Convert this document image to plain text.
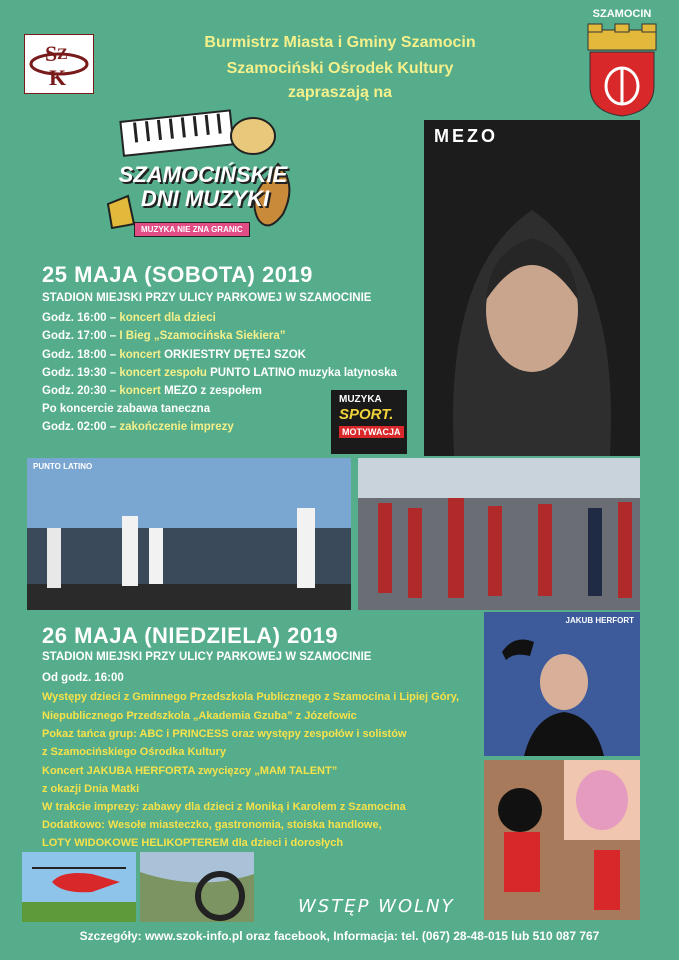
S Z
K
SZAMOCIN
Burmistrz Miasta i Gminy Szamocin
Szamociński Ośrodek Kultury
zapraszają na
SZAMOCIŃSKIE
DNI MUZYKI
MUZYKA NIE ZNA GRANIC
MEZO
MUZYKA
SPORT.
MOTYWACJA
25 MAJA (SOBOTA) 2019
STADION MIEJSKI PRZY ULICY PARKOWEJ W SZAMOCINIE
Godz. 16:00 – koncert dla dzieci
Godz. 17:00 – I Bieg „Szamocińska Siekiera”
Godz. 18:00 – koncert ORKIESTRY DĘTEJ SZOK
Godz. 19:30 – koncert zespołu PUNTO LATINO muzyka latynoska
Godz. 20:30 – koncert MEZO z zespołem
Po koncercie zabawa taneczna
Godz. 02:00 – zakończenie imprezy
PUNTO LATINO
26 MAJA (NIEDZIELA) 2019
STADION MIEJSKI PRZY ULICY PARKOWEJ W SZAMOCINIE
Od godz. 16:00
Występy dzieci z Gminnego Przedszkola Publicznego z Szamocina i Lipiej Góry,
Niepublicznego Przedszkola „Akademia Gzuba” z Józefowic
Pokaz tańca grup: ABC i PRINCESS oraz występy zespołów i solistów
z Szamocińskiego Ośrodka Kultury
Koncert JAKUBA HERFORTA zwycięzcy „MAM TALENT”
z okazji Dnia Matki
W trakcie imprezy: zabawy dla dzieci z Moniką i Karolem z Szamocina
Dodatkowo: Wesołe miasteczko, gastronomia, stoiska handlowe,
LOTY WIDOKOWE HELIKOPTEREM dla dzieci i dorosłych
JAKUB HERFORT
WSTĘP WOLNY
Szczegóły: www.szok-info.pl oraz facebook, Informacja: tel. (067) 28-48-015 lub 510 087 767
